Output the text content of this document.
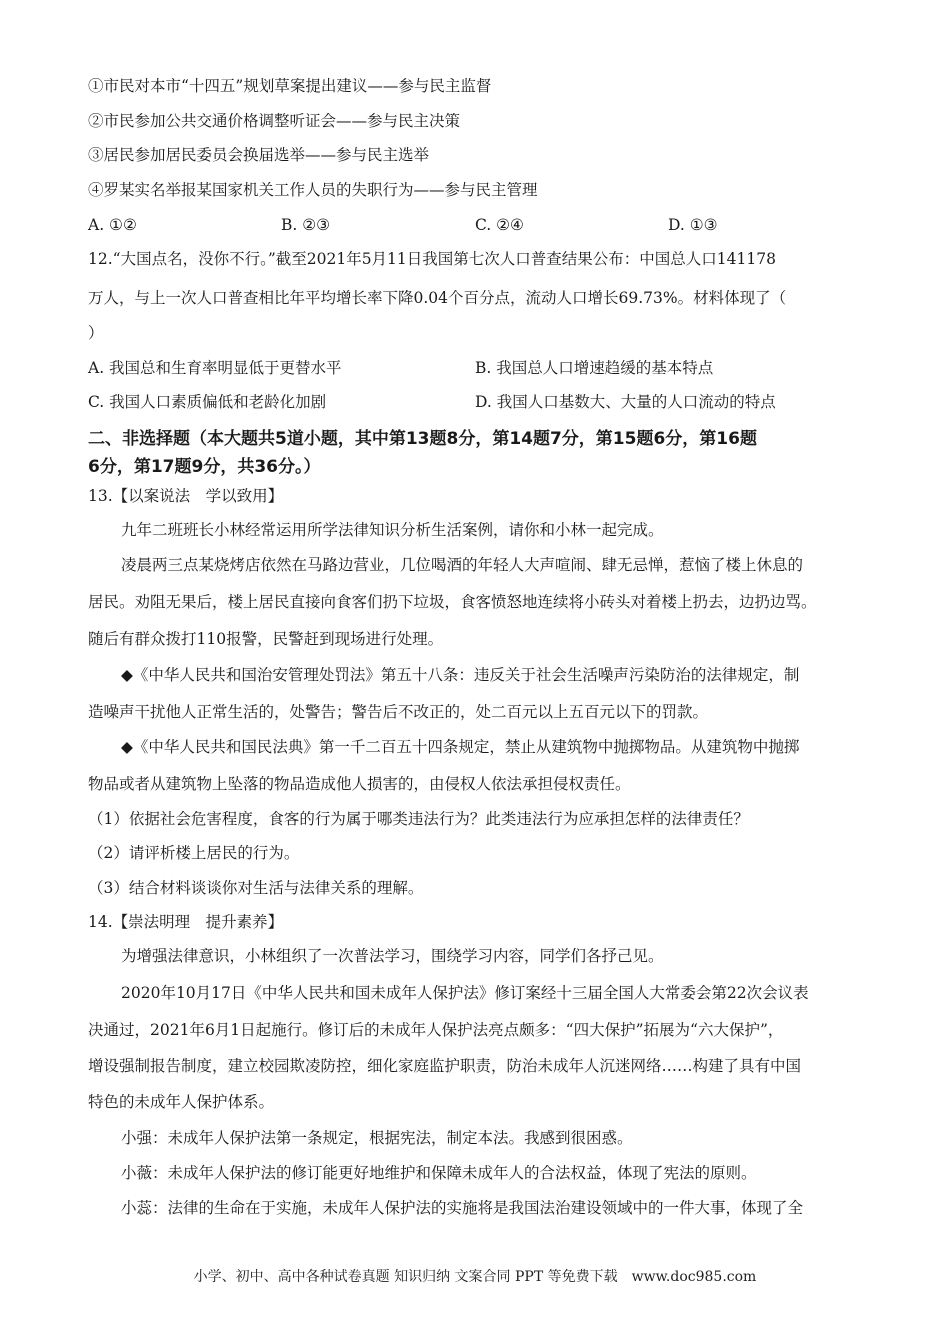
①市民对本市“十四五”规划草案提出建议——参与民主监督
②市民参加公共交通价格调整听证会——参与民主决策
③居民参加居民委员会换届选举——参与民主选举
④罗某实名举报某国家机关工作人员的失职行为——参与民主管理
A. ①②	B. ②③	C. ②④	D. ①③
12.“大国点名，没你不行。”截至2021年5月11日我国第七次人口普查结果公布：中国总人口141178
万人，与上一次人口普查相比年平均增长率下降0.04个百分点，流动人口增长69.73%。材料体现了（
）
A. 我国总和生育率明显低于更替水平	B. 我国总人口增速趋缓的基本特点
C. 我国人口素质偏低和老龄化加剧	D. 我国人口基数大、大量的人口流动的特点
二、非选择题（本大题共5道小题，其中第13题8分，第14题7分，第15题6分，第16题
6分，第17题9分，共36分。）
13.【以案说法　学以致用】
九年二班班长小林经常运用所学法律知识分析生活案例，请你和小林一起完成。
凌晨两三点某烧烤店依然在马路边营业，几位喝酒的年轻人大声喧闹、肆无忌惮，惹恼了楼上休息的
居民。劝阻无果后，楼上居民直接向食客们扔下垃圾，食客愤怒地连续将小砖头对着楼上扔去，边扔边骂。
随后有群众拨打110报警，民警赶到现场进行处理。
◆《中华人民共和国治安管理处罚法》第五十八条：违反关于社会生活噪声污染防治的法律规定，制
造噪声干扰他人正常生活的，处警告；警告后不改正的，处二百元以上五百元以下的罚款。
◆《中华人民共和国民法典》第一千二百五十四条规定，禁止从建筑物中抛掷物品。从建筑物中抛掷
物品或者从建筑物上坠落的物品造成他人损害的，由侵权人依法承担侵权责任。
（1）依据社会危害程度，食客的行为属于哪类违法行为？此类违法行为应承担怎样的法律责任？
（2）请评析楼上居民的行为。
（3）结合材料谈谈你对生活与法律关系的理解。
14.【崇法明理　提升素养】
为增强法律意识，小林组织了一次普法学习，围绕学习内容，同学们各抒己见。
2020年10月17日《中华人民共和国未成年人保护法》修订案经十三届全国人大常委会第22次会议表
决通过，2021年6月1日起施行。修订后的未成年人保护法亮点颇多：“四大保护”拓展为“六大保护”，
增设强制报告制度，建立校园欺凌防控，细化家庭监护职责，防治未成年人沉迷网络……构建了具有中国
特色的未成年人保护体系。
小强：未成年人保护法第一条规定，根据宪法，制定本法。我感到很困惑。
小薇：未成年人保护法的修订能更好地维护和保障未成年人的合法权益，体现了宪法的原则。
小蕊：法律的生命在于实施，未成年人保护法的实施将是我国法治建设领域中的一件大事，体现了全
小学、初中、高中各种试卷真题 知识归纳 文案合同 PPT 等免费下载　www.doc985.com
